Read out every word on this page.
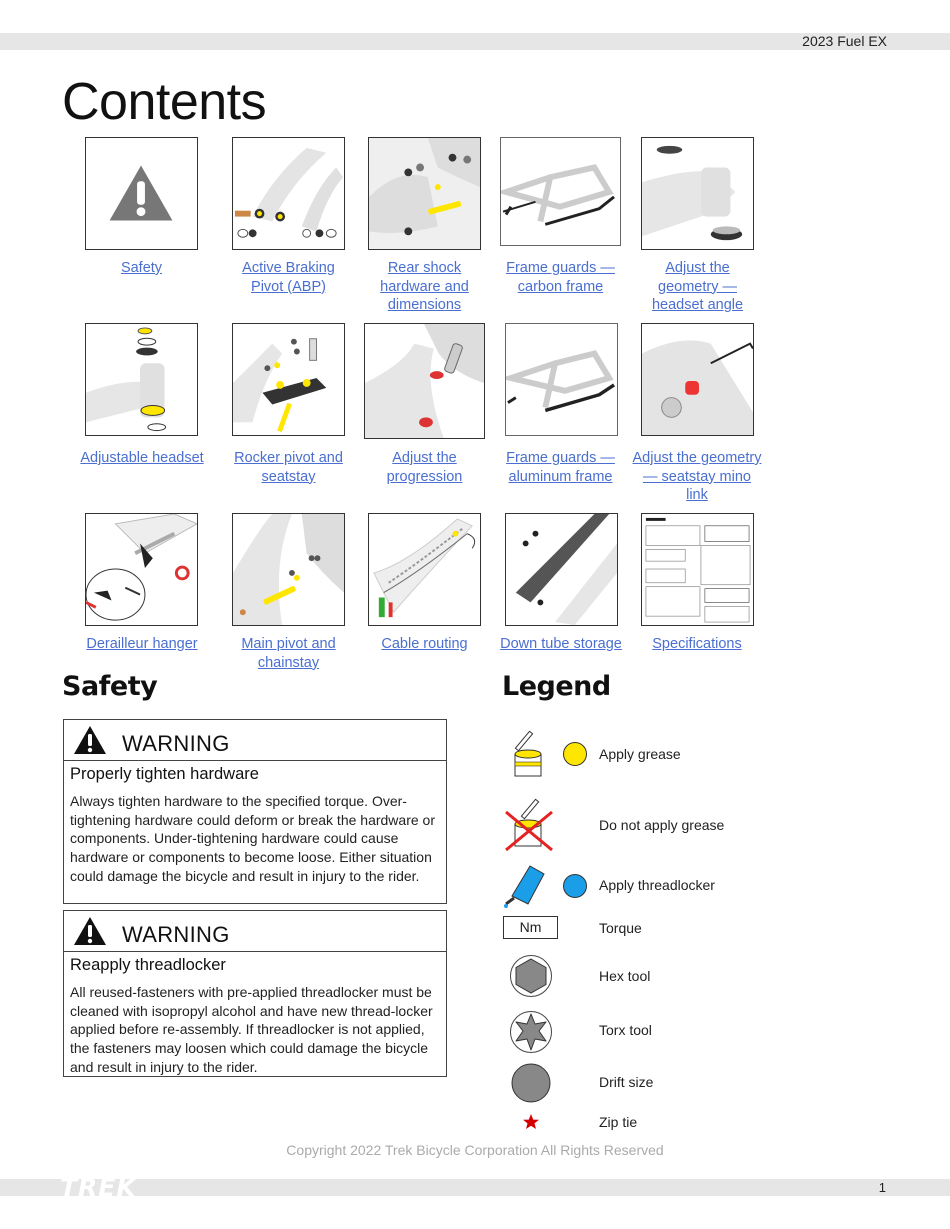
2023 Fuel EX
Contents
Safety	Active Braking Pivot (ABP)
Rear shock hardware and dimensions
Frame guards — carbon frame
Adjust the geometry — headset angle
Adjustable headset	Rocker pivot and seatstay
Adjust the progression
Frame guards — aluminum frame
Adjust the geometry — seatstay mino link
Derailleur hanger	Main pivot and chainstay
Cable routing	Down tube storage	Specifications
Safety
WARNING
Properly tighten hardware
Always tighten hardware to the specified torque. Over-tightening hardware could deform or break the hardware or components. Under-tightening hardware could cause hardware or components to become loose. Either situation could damage the bicycle and result in injury to the rider.
WARNING
Reapply threadlocker
All reused-fasteners with pre-applied threadlocker must be cleaned with isopropyl alcohol and have new thread-locker applied before re-assembly. If threadlocker is not applied, the fasteners may loosen which could damage the bicycle and result in injury to the rider.
Legend
Apply grease
Do not apply grease
Apply threadlocker
Nm	Torque
Hex tool
Torx tool
Drift size
Zip tie
Copyright 2022 Trek Bicycle Corporation All Rights Reserved
1
TREK
